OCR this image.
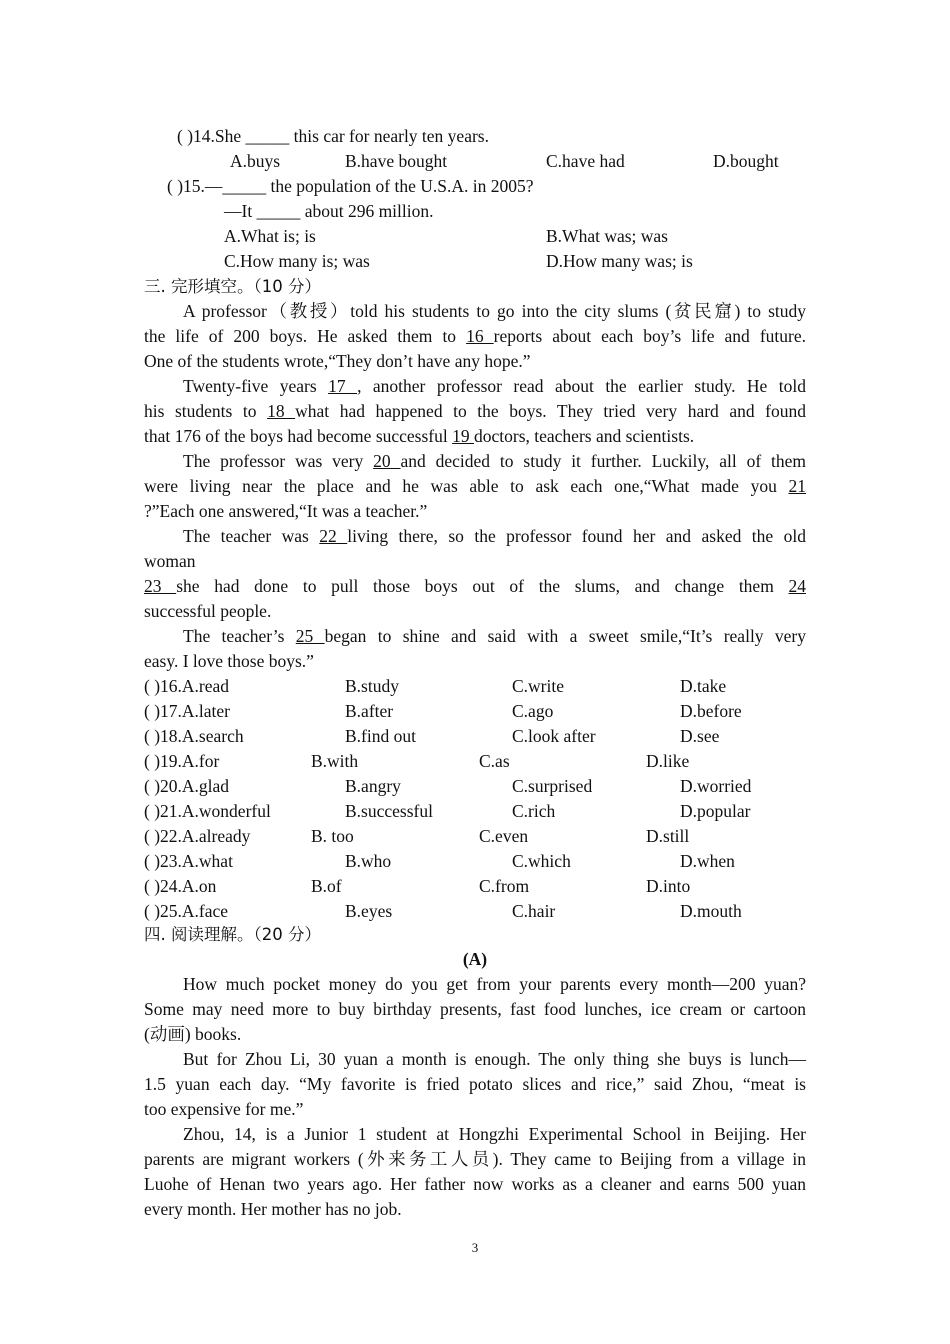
( )14.She _____ this car for nearly ten years.
A.buys	B.have bought	C.have had	D.bought
( )15.—_____ the population of the U.S.A. in 2005?
—It _____ about 296 million.
A.What is; is	B.What was; was
C.How many is; was	D.How many was; is
三. 完形填空。（10 分）
A professor（教授）told his students to go into the city slums (贫民窟) to study
the life of 200 boys. He asked them to 16 reports about each boy’s life and future.
One of the students wrote,“They don’t have any hope.”
Twenty-five years 17 , another professor read about the earlier study. He told
his students to 18 what had happened to the boys. They tried very hard and found
that 176 of the boys had become successful 19 doctors, teachers and scientists.
The professor was very 20 and decided to study it further. Luckily, all of them
were living near the place and he was able to ask each one,“What made you 21
?”Each one answered,“It was a teacher.”
The teacher was 22 living there, so the professor found her and asked the old
woman
23 she had done to pull those boys out of the slums, and change them 24
successful people.
The teacher’s 25 began to shine and said with a sweet smile,“It’s really very
easy. I love those boys.”
( )16.A.read	B.study	C.write	D.take
( )17.A.later	B.after	C.ago	D.before
( )18.A.search	B.find out	C.look after	D.see
( )19.A.for	B.with	C.as	D.like
( )20.A.glad	B.angry	C.surprised	D.worried
( )21.A.wonderful	B.successful	C.rich	D.popular
( )22.A.already	B. too	C.even	D.still
( )23.A.what	B.who	C.which	D.when
( )24.A.on	B.of	C.from	D.into
( )25.A.face	B.eyes	C.hair	D.mouth
四. 阅读理解。（20 分）
(A)
How much pocket money do you get from your parents every month—200 yuan?
Some may need more to buy birthday presents, fast food lunches, ice cream or cartoon
(动画) books.
But for Zhou Li, 30 yuan a month is enough. The only thing she buys is lunch—
1.5 yuan each day. “My favorite is fried potato slices and rice,” said Zhou, “meat is
too expensive for me.”
Zhou, 14, is a Junior 1 student at Hongzhi Experimental School in Beijing. Her
parents are migrant workers (外来务工人员). They came to Beijing from a village in
Luohe of Henan two years ago. Her father now works as a cleaner and earns 500 yuan
every month. Her mother has no job.
3
